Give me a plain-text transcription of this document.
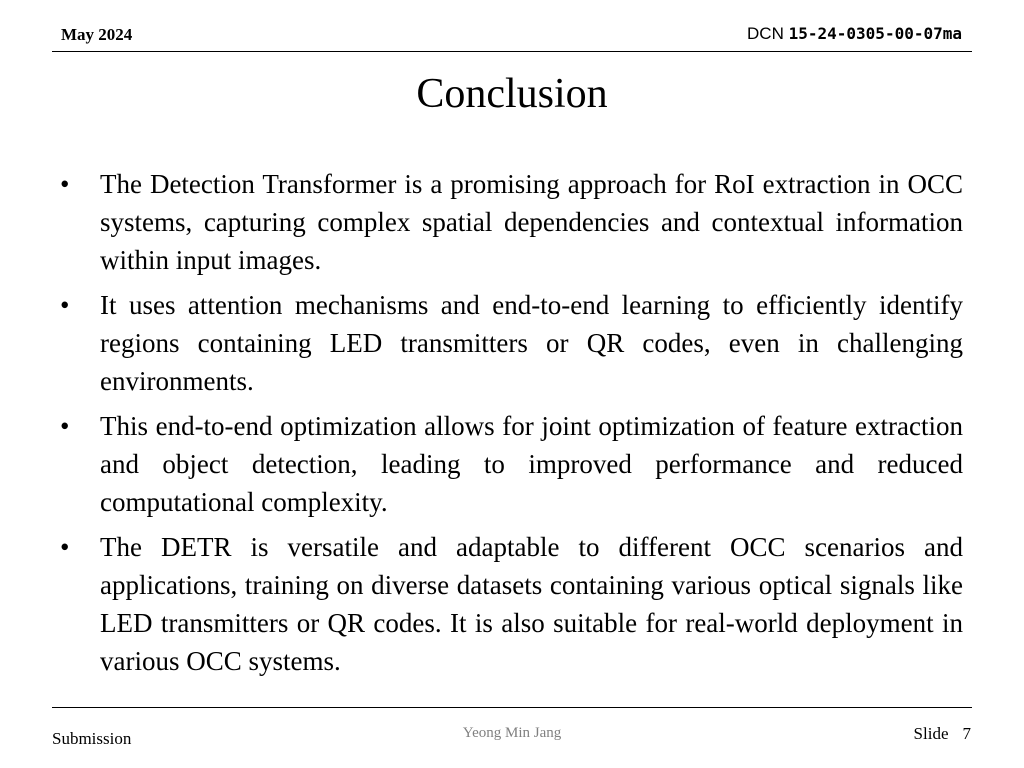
May 2024	DCN 15-24-0305-00-07ma
Conclusion
• The Detection Transformer is a promising approach for RoI extraction in OCC systems, capturing complex spatial dependencies and contextual information within input images.
• It uses attention mechanisms and end-to-end learning to efficiently identify regions containing LED transmitters or QR codes, even in challenging environments.
• This end-to-end optimization allows for joint optimization of feature extraction and object detection, leading to improved performance and reduced computational complexity.
• The DETR is versatile and adaptable to different OCC scenarios and applications, training on diverse datasets containing various optical signals like LED transmitters or QR codes. It is also suitable for real-world deployment in various OCC systems.
Submission	Yeong Min Jang	Slide 7
